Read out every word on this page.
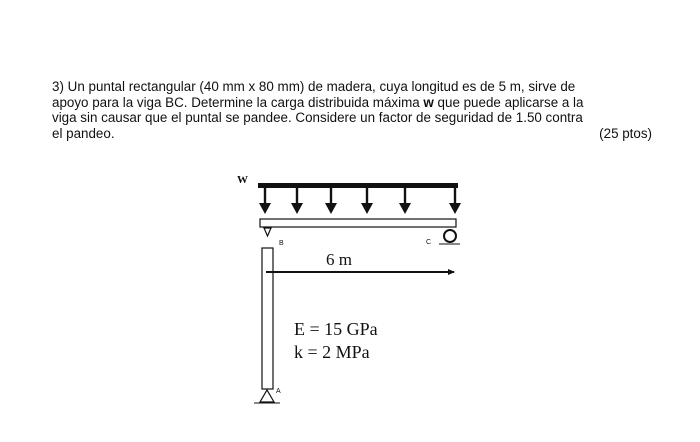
3) Un puntal rectangular (40 mm x 80 mm) de madera, cuya longitud es de 5 m, sirve de
apoyo para la viga BC. Determine la carga distribuida máxima w que puede aplicarse a la
viga sin causar que el puntal se pandee. Considere un factor de seguridad de 1.50 contra
el pandeo.	(25 ptos)
W
B	C
A
6 m
E = 15 GPa
k = 2 MPa
